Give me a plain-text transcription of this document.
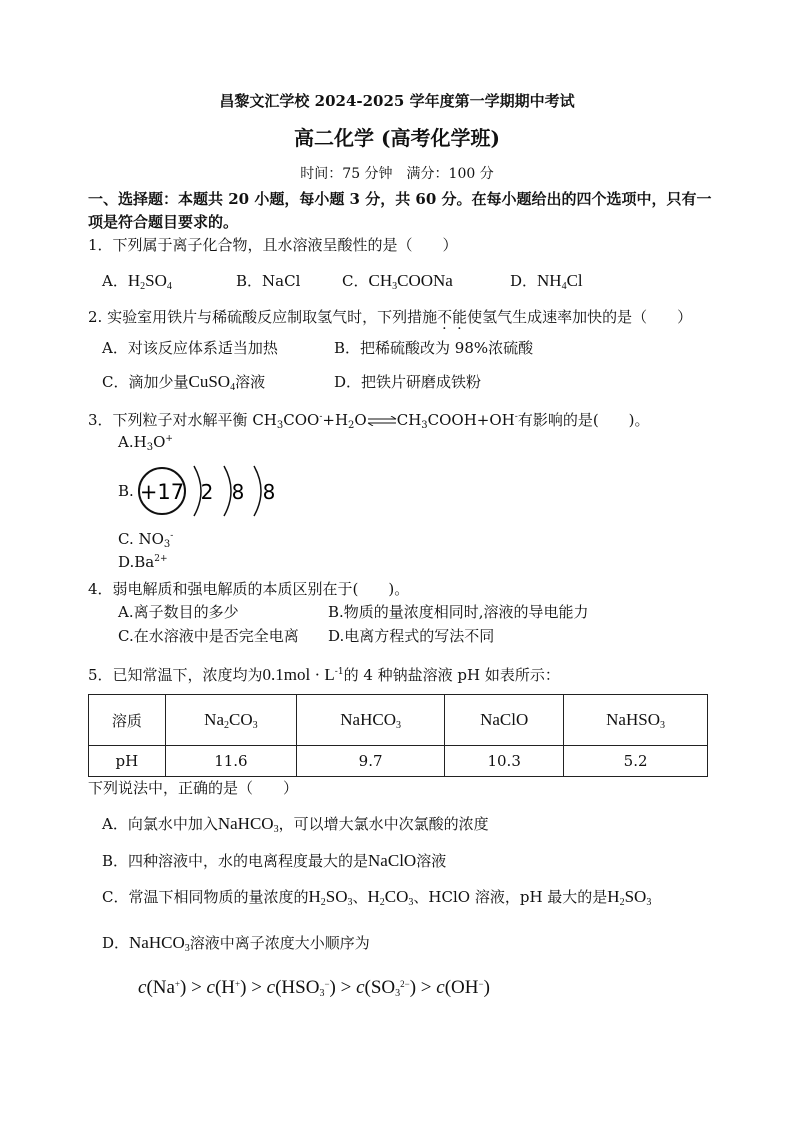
昌黎文汇学校 2024-2025 学年度第一学期期中考试
高二化学 (高考化学班)
时间：75 分钟　满分：100 分
一、选择题：本题共 20 小题，每小题 3 分，共 60 分。在每小题给出的四个选项中，只有一项是符合题目要求的。
1．下列属于离子化合物，且水溶液呈酸性的是（　　）
A．$H_2SO_4$	B．NaCl	C．$CH_3COONa$	D．$NH_4Cl$
2. 实验室用铁片与稀硫酸反应制取氢气时，下列措施不能使氢气生成速率加快的是（　　）
A．对该反应体系适当加热	B．把稀硫酸改为 98%浓硫酸
C．滴加少量CuSO$_4$溶液	D．把铁片研磨成铁粉
3．下列粒子对水解平衡 $CH_3COO^-+H_2O\rightleftharpoons CH_3COOH+OH^-$有影响的是(　　)。
$A.H_3O^+$
B. +17 2 8 8
C. $NO_3^-$
$D.Ba^{2+}$
4．弱电解质和强电解质的本质区别在于(　　)。
A.离子数目的多少	B.物质的量浓度相同时,溶液的导电能力
C.在水溶液中是否完全电离 D.电离方程式的写法不同
5．已知常温下，浓度均为$0.1mol \cdot L^{-1}$的 4 种钠盐溶液 pH 如表所示：
溶质	$Na_2CO_3$	NaHCO$_3$	NaClO	NaHSO$_3$
pH	11.6	9.7	10.3	5.2
下列说法中，正确的是（　　）
A．向氯水中加入NaHCO$_3$，可以增大氯水中次氯酸的浓度
B．四种溶液中，水的电离程度最大的是NaClO溶液
C．常温下相同物质的量浓度的$H_2SO_3$、$H_2CO_3$、HClO 溶液，pH 最大的是$H_2SO_3$
D．NaHCO$_3$溶液中离子浓度大小顺序为
$c(Na^+) > c(H^+) > c(HSO_3^-) > c(SO_3^{2-}) > c(OH^-)$
